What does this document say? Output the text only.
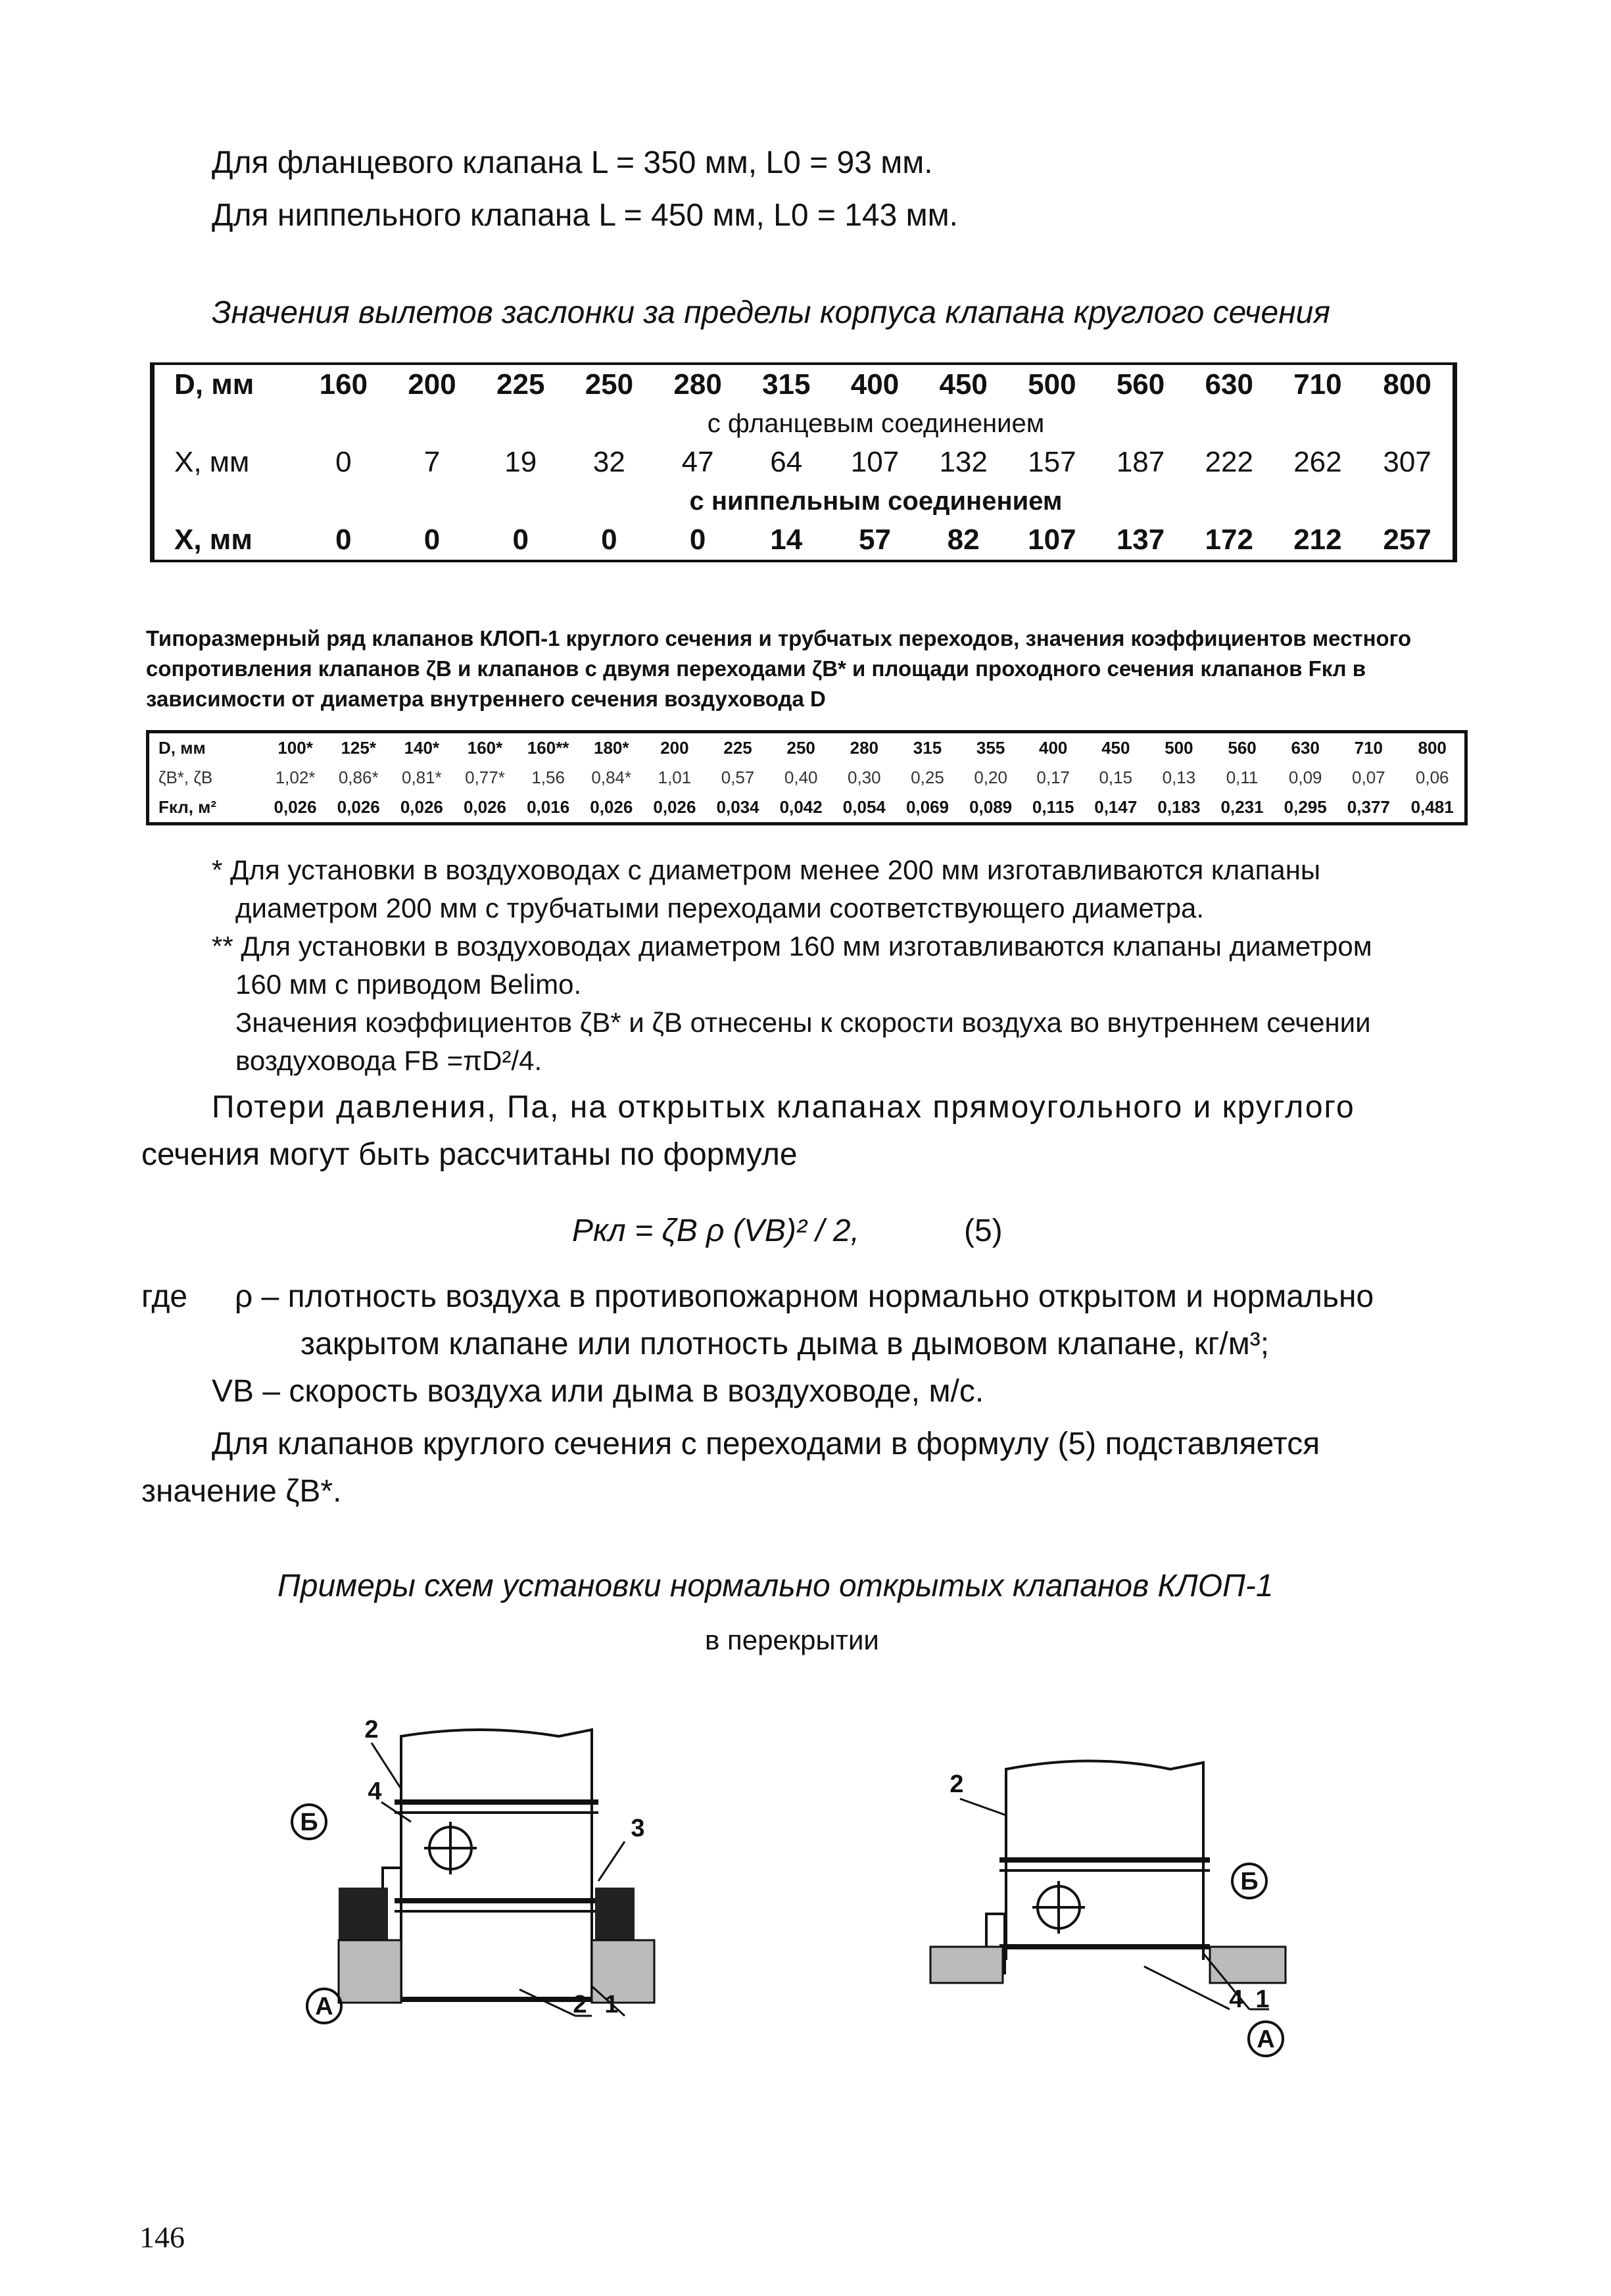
Для фланцевого клапана L = 350 мм, L0 = 93 мм.
Для ниппельного клапана L = 450 мм, L0 = 143 мм.
Значения вылетов заслонки за пределы корпуса клапана круглого сечения
D, мм	160	200	225	250	280	315	400	450	500	560	630	710	800
	с фланцевым соединением												
X, мм	0	7	19	32	47	64	107	132	157	187	222	262	307
	с ниппельным соединением												
X, мм	0	0	0	0	0	14	57	82	107	137	172	212	257
Типоразмерный ряд клапанов КЛОП-1 круглого сечения и трубчатых переходов, значения коэффициентов местного сопротивления клапанов ζВ и клапанов с двумя переходами ζВ* и площади проходного сечения клапанов Fкл в зависимости от диаметра внутреннего сечения воздуховода D
D, мм	100*	125*	140*	160*	160**	180*	200	225	250	280	315	355	400	450	500	560	630	710	800
ζВ*, ζВ	1,02*	0,86*	0,81*	0,77*	1,56	0,84*	1,01	0,57	0,40	0,30	0,25	0,20	0,17	0,15	0,13	0,11	0,09	0,07	0,06
Fкл, м²	0,026	0,026	0,026	0,026	0,016	0,026	0,026	0,034	0,042	0,054	0,069	0,089	0,115	0,147	0,183	0,231	0,295	0,377	0,481
* Для установки в воздуховодах с диаметром менее 200 мм изготавливаются клапаны
диаметром 200 мм с трубчатыми переходами соответствующего диаметра.
** Для установки в воздуховодах диаметром 160 мм изготавливаются клапаны диаметром
160 мм с приводом Belimo.
Значения коэффициентов ζВ* и ζВ отнесены к скорости воздуха во внутреннем сечении
воздуховода FВ =πD²/4.
Потери давления, Па, на открытых клапанах прямоугольного и круглого
сечения могут быть рассчитаны по формуле
Pкл = ζВ ρ (VВ)² / 2,	(5)
где ρ – плотность воздуха в противопожарном нормально открытом и нормально
закрытом клапане или плотность дыма в дымовом клапане, кг/м³;
VВ – скорость воздуха или дыма в воздуховоде, м/с.
Для клапанов круглого сечения с переходами в формулу (5) подставляется
значение ζВ*.
Примеры схем установки нормально открытых клапанов КЛОП-1
в перекрытии
Б
А
2
4
3
2 1
Б
А
2
4 1
146
